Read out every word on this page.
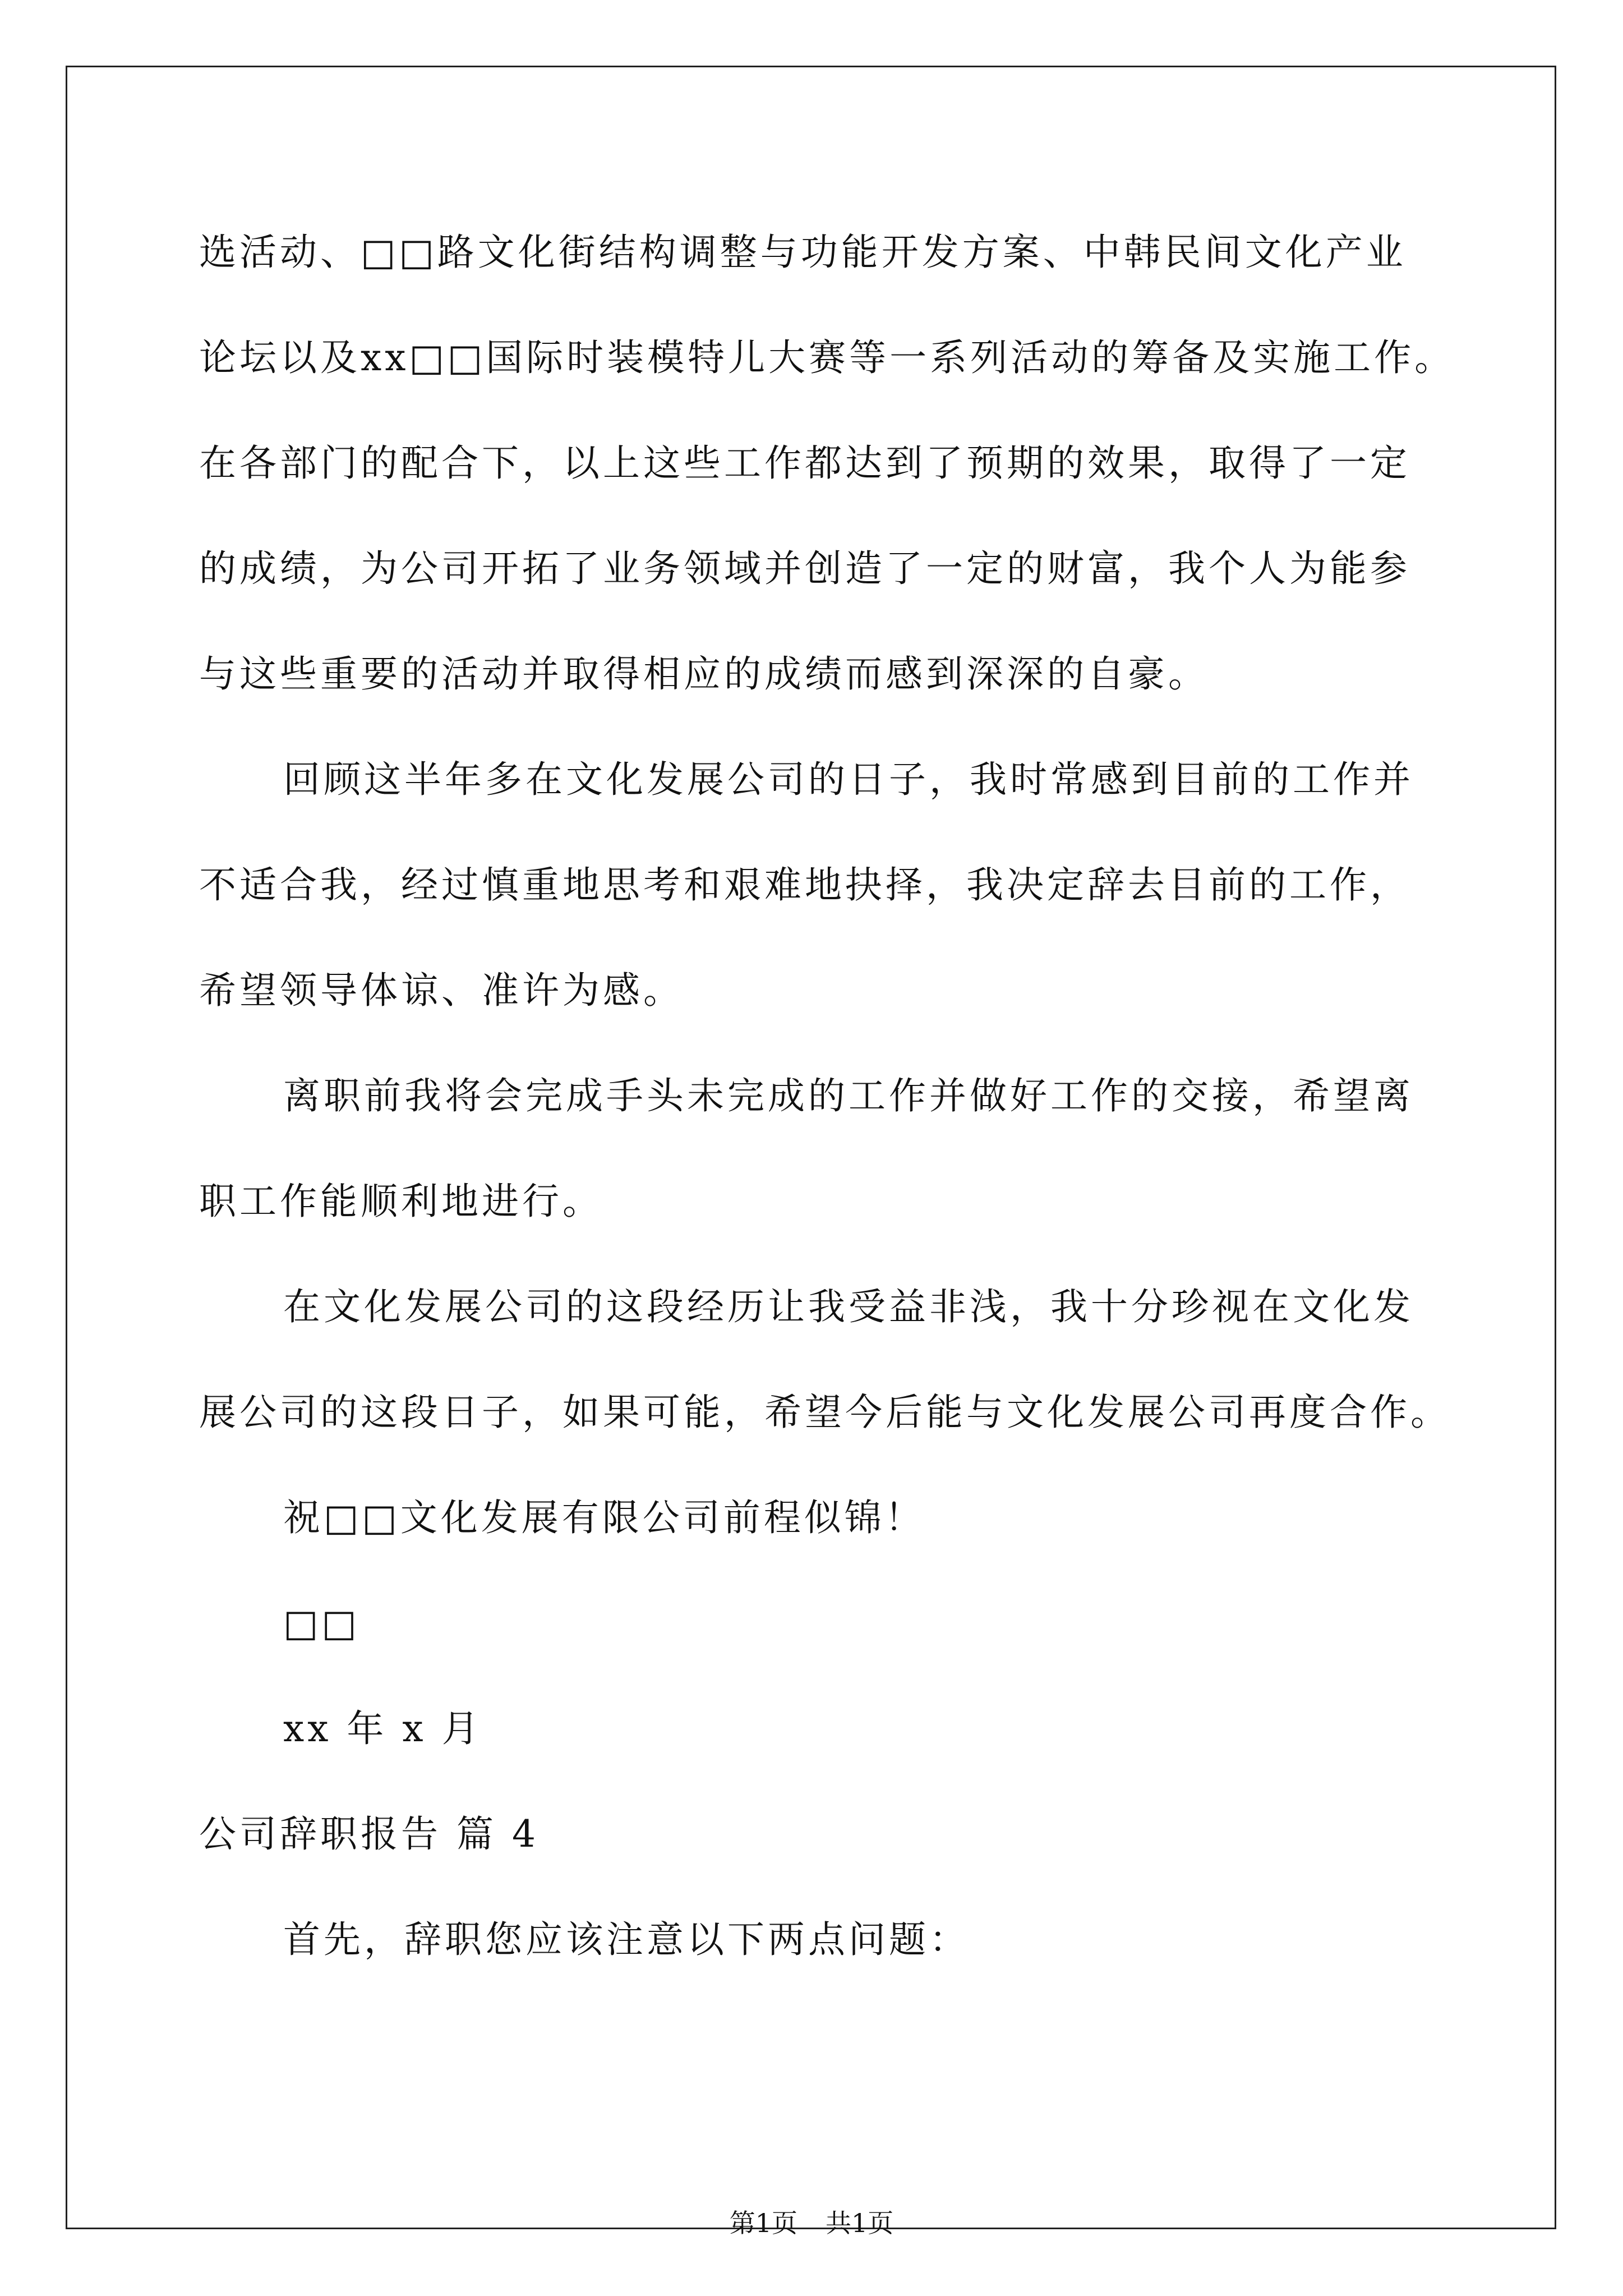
选活动、□□路文化街结构调整与功能开发方案、中韩民间文化产业
论坛以及xx□□国际时装模特儿大赛等一系列活动的筹备及实施工作。
在各部门的配合下，以上这些工作都达到了预期的效果，取得了一定
的成绩，为公司开拓了业务领域并创造了一定的财富，我个人为能参
与这些重要的活动并取得相应的成绩而感到深深的自豪。
回顾这半年多在文化发展公司的日子，我时常感到目前的工作并
不适合我，经过慎重地思考和艰难地抉择，我决定辞去目前的工作，
希望领导体谅、准许为感。
离职前我将会完成手头未完成的工作并做好工作的交接，希望离
职工作能顺利地进行。
在文化发展公司的这段经历让我受益非浅，我十分珍视在文化发
展公司的这段日子，如果可能，希望今后能与文化发展公司再度合作。
祝□□文化发展有限公司前程似锦！
□□
xx 年 x 月
公司辞职报告 篇 4
首先，辞职您应该注意以下两点问题：
第1页 共1页
